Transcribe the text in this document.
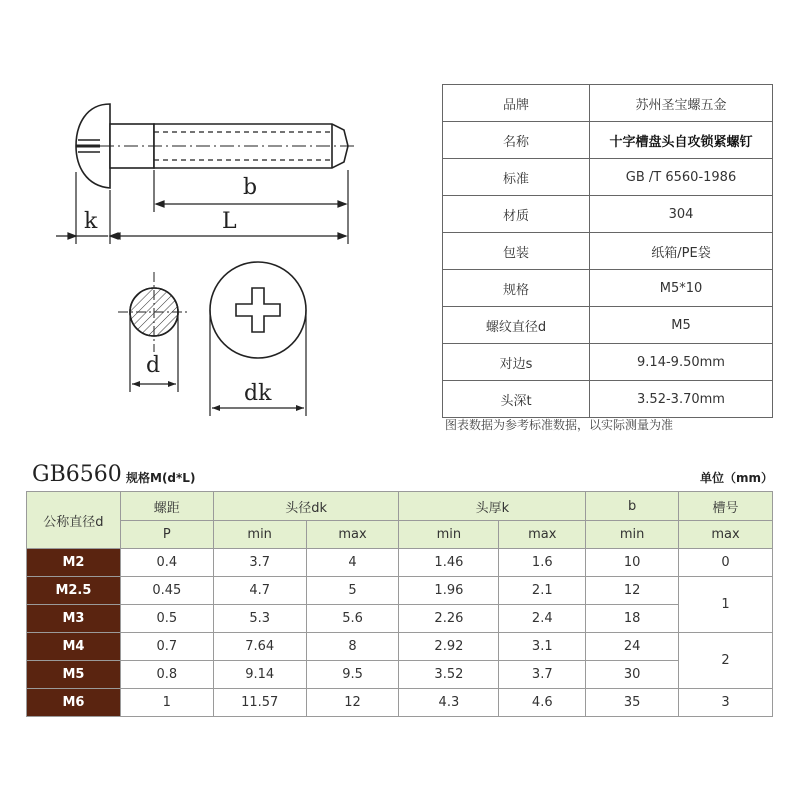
b
L
k
d
dk
品牌	苏州圣宝螺五金
名称	十字槽盘头自攻锁紧螺钉
标准	GB /T 6560-1986
材质	304
包装	纸箱/PE袋
规格	M5*10
螺纹直径d	M5
对边s	9.14-9.50mm
头深t	3.52-3.70mm
图表数据为参考标准数据，以实际测量为准
GB6560 规格M(d*L)	单位（mm）
公称直径d	螺距	头径dk		头厚k		b	槽号
	P	min	max	min	max	min	max
M2	0.4	3.7	4	1.46	1.6	10	0
M2.5	0.45	4.7	5	1.96	2.1	12	1
M3	0.5	5.3	5.6	2.26	2.4	18	
M4	0.7	7.64	8	2.92	3.1	24	2
M5	0.8	9.14	9.5	3.52	3.7	30	
M6	1	11.57	12	4.3	4.6	35	3
